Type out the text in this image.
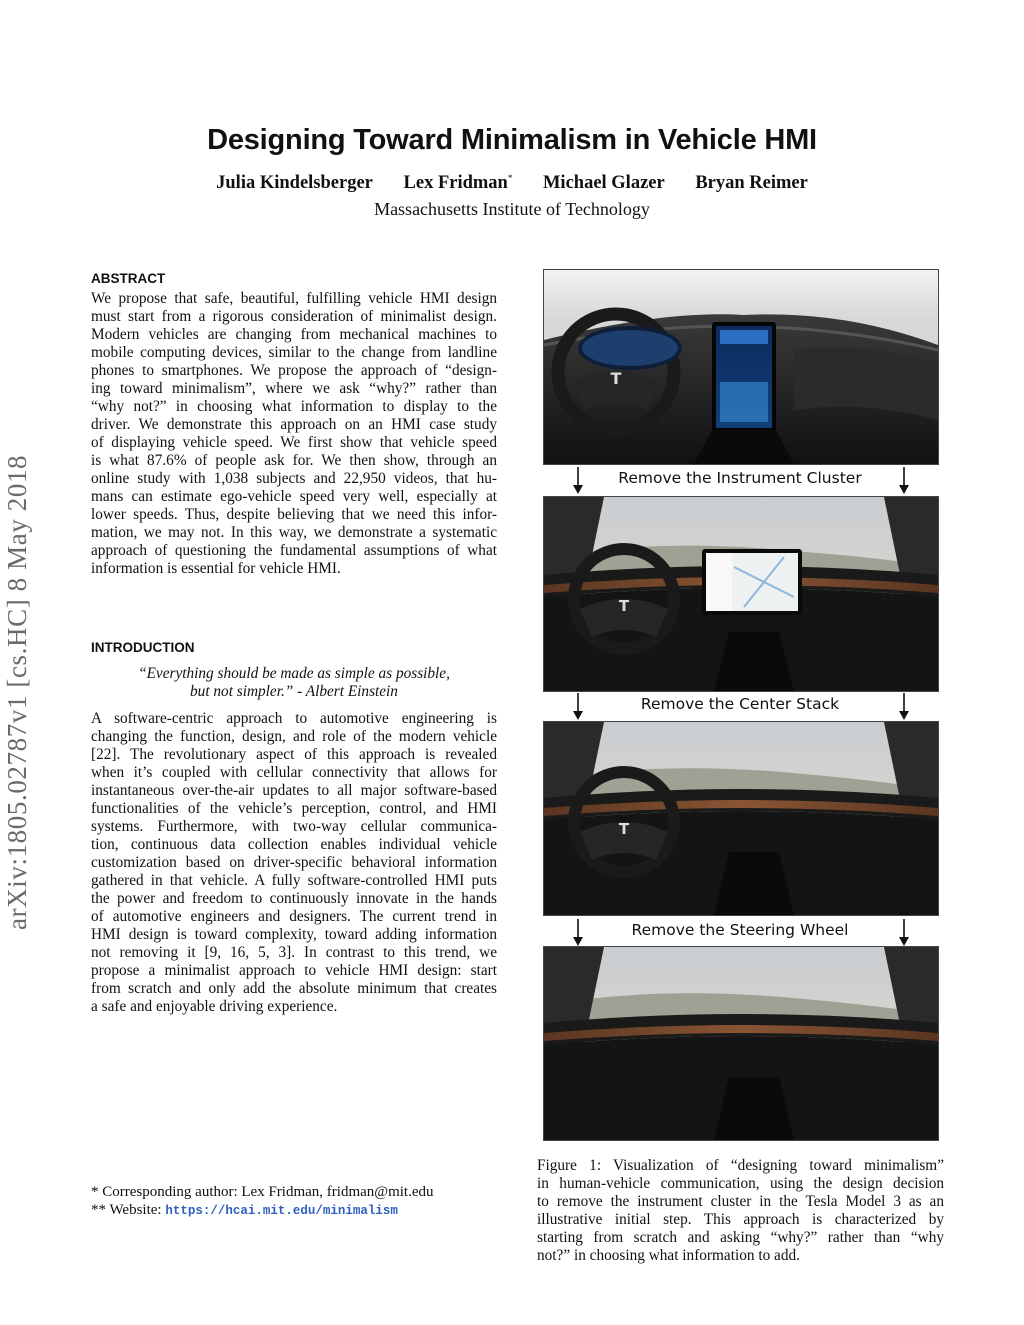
Designing Toward Minimalism in Vehicle HMI
Julia Kindelsberger Lex Fridman* Michael Glazer Bryan Reimer
Massachusetts Institute of Technology
arXiv:1805.02787v1 [cs.HC] 8 May 2018
ABSTRACT
We propose that safe, beautiful, fulfilling vehicle HMI design
must start from a rigorous consideration of minimalist design.
Modern vehicles are changing from mechanical machines to
mobile computing devices, similar to the change from landline
phones to smartphones. We propose the approach of “design-
ing toward minimalism”, where we ask “why?” rather than
“why not?” in choosing what information to display to the
driver. We demonstrate this approach on an HMI case study
of displaying vehicle speed. We first show that vehicle speed
is what 87.6% of people ask for. We then show, through an
online study with 1,038 subjects and 22,950 videos, that hu-
mans can estimate ego-vehicle speed very well, especially at
lower speeds. Thus, despite believing that we need this infor-
mation, we may not. In this way, we demonstrate a systematic
approach of questioning the fundamental assumptions of what
information is essential for vehicle HMI.
INTRODUCTION
“Everything should be made as simple as possible,
but not simpler.” - Albert Einstein
A software-centric approach to automotive engineering is
changing the function, design, and role of the modern vehicle
[22]. The revolutionary aspect of this approach is revealed
when it’s coupled with cellular connectivity that allows for
instantaneous over-the-air updates to all major software-based
functionalities of the vehicle’s perception, control, and HMI
systems. Furthermore, with two-way cellular communica-
tion, continuous data collection enables individual vehicle
customization based on driver-specific behavioral information
gathered in that vehicle. A fully software-controlled HMI puts
the power and freedom to continuously innovate in the hands
of automotive engineers and designers. The current trend in
HMI design is toward complexity, toward adding information
not removing it [9, 16, 5, 3]. In contrast to this trend, we
propose a minimalist approach to vehicle HMI design: start
from scratch and only add the absolute minimum that creates
a safe and enjoyable driving experience.
* Corresponding author: Lex Fridman, fridman@mit.edu
** Website: https://hcai.mit.edu/minimalism
T
Remove the Instrument Cluster
T
Remove the Center Stack
T
Remove the Steering Wheel
Figure 1: Visualization of “designing toward minimalism”
in human-vehicle communication, using the design decision
to remove the instrument cluster in the Tesla Model 3 as an
illustrative initial step. This approach is characterized by
starting from scratch and asking “why?” rather than “why
not?” in choosing what information to add.
